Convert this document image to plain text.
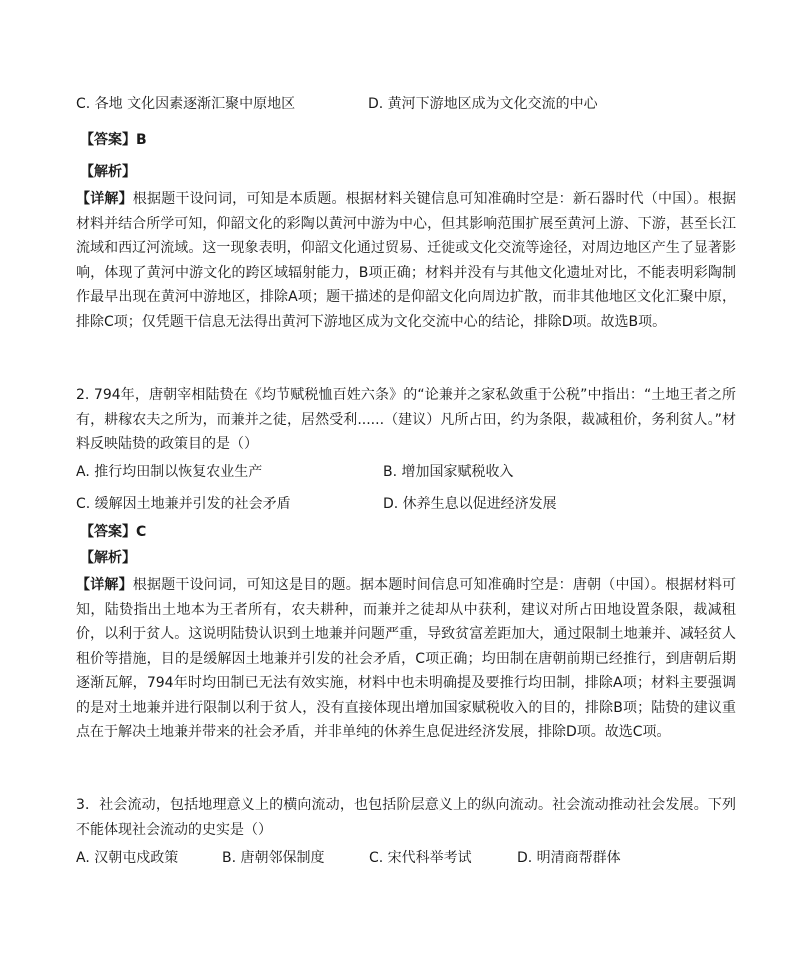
C. 各地 文化因素逐渐汇聚中原地区	D. 黄河下游地区成为文化交流的中心
【答案】B
【解析】
【详解】根据题干设问词，可知是本质题。根据材料关键信息可知准确时空是：新石器时代（中国）。根据材料并结合所学可知，仰韶文化的彩陶以黄河中游为中心，但其影响范围扩展至黄河上游、下游，甚至长江流域和西辽河流域。这一现象表明，仰韶文化通过贸易、迁徙或文化交流等途径，对周边地区产生了显著影响，体现了黄河中游文化的跨区域辐射能力，B项正确；材料并没有与其他文化遗址对比，不能表明彩陶制作最早出现在黄河中游地区，排除A项；题干描述的是仰韶文化向周边扩散，而非其他地区文化汇聚中原，排除C项；仅凭题干信息无法得出黄河下游地区成为文化交流中心的结论，排除D项。故选B项。
2. 794年，唐朝宰相陆贽在《均节赋税恤百姓六条》的“论兼并之家私敛重于公税”中指出：“土地王者之所有，耕稼农夫之所为，而兼并之徒，居然受利......（建议）凡所占田，约为条限，裁减租价，务利贫人。”材料反映陆贽的政策目的是（）
A. 推行均田制以恢复农业生产	B. 增加国家赋税收入
C. 缓解因土地兼并引发的社会矛盾	D. 休养生息以促进经济发展
【答案】C
【解析】
【详解】根据题干设问词，可知这是目的题。据本题时间信息可知准确时空是：唐朝（中国）。根据材料可知，陆贽指出土地本为王者所有，农夫耕种，而兼并之徒却从中获利，建议对所占田地设置条限，裁减租价，以利于贫人。这说明陆贽认识到土地兼并问题严重，导致贫富差距加大，通过限制土地兼并、减轻贫人租价等措施，目的是缓解因土地兼并引发的社会矛盾，C项正确；均田制在唐朝前期已经推行，到唐朝后期逐渐瓦解，794年时均田制已无法有效实施，材料中也未明确提及要推行均田制，排除A项；材料主要强调的是对土地兼并进行限制以利于贫人，没有直接体现出增加国家赋税收入的目的，排除B项；陆贽的建议重点在于解决土地兼并带来的社会矛盾，并非单纯的休养生息促进经济发展，排除D项。故选C项。
3．社会流动，包括地理意义上的横向流动，也包括阶层意义上的纵向流动。社会流动推动社会发展。下列不能体现社会流动的史实是（）
A. 汉朝屯戍政策	B. 唐朝邻保制度	C. 宋代科举考试	D. 明清商帮群体
